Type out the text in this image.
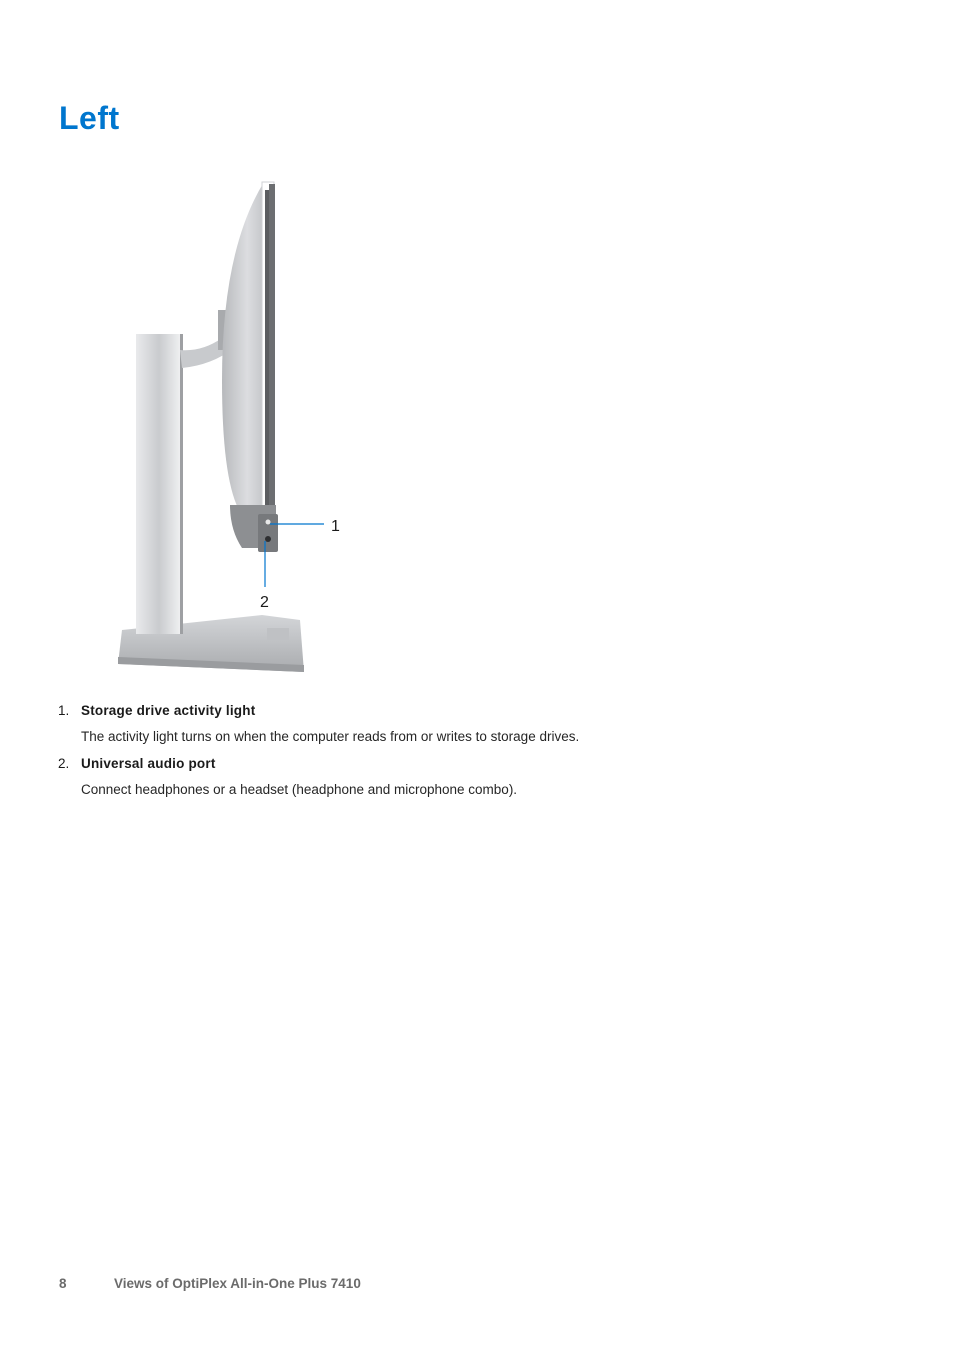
Left
1
2
1. Storage drive activity light
The activity light turns on when the computer reads from or writes to storage drives.
2. Universal audio port
Connect headphones or a headset (headphone and microphone combo).
8	Views of OptiPlex All-in-One Plus 7410
